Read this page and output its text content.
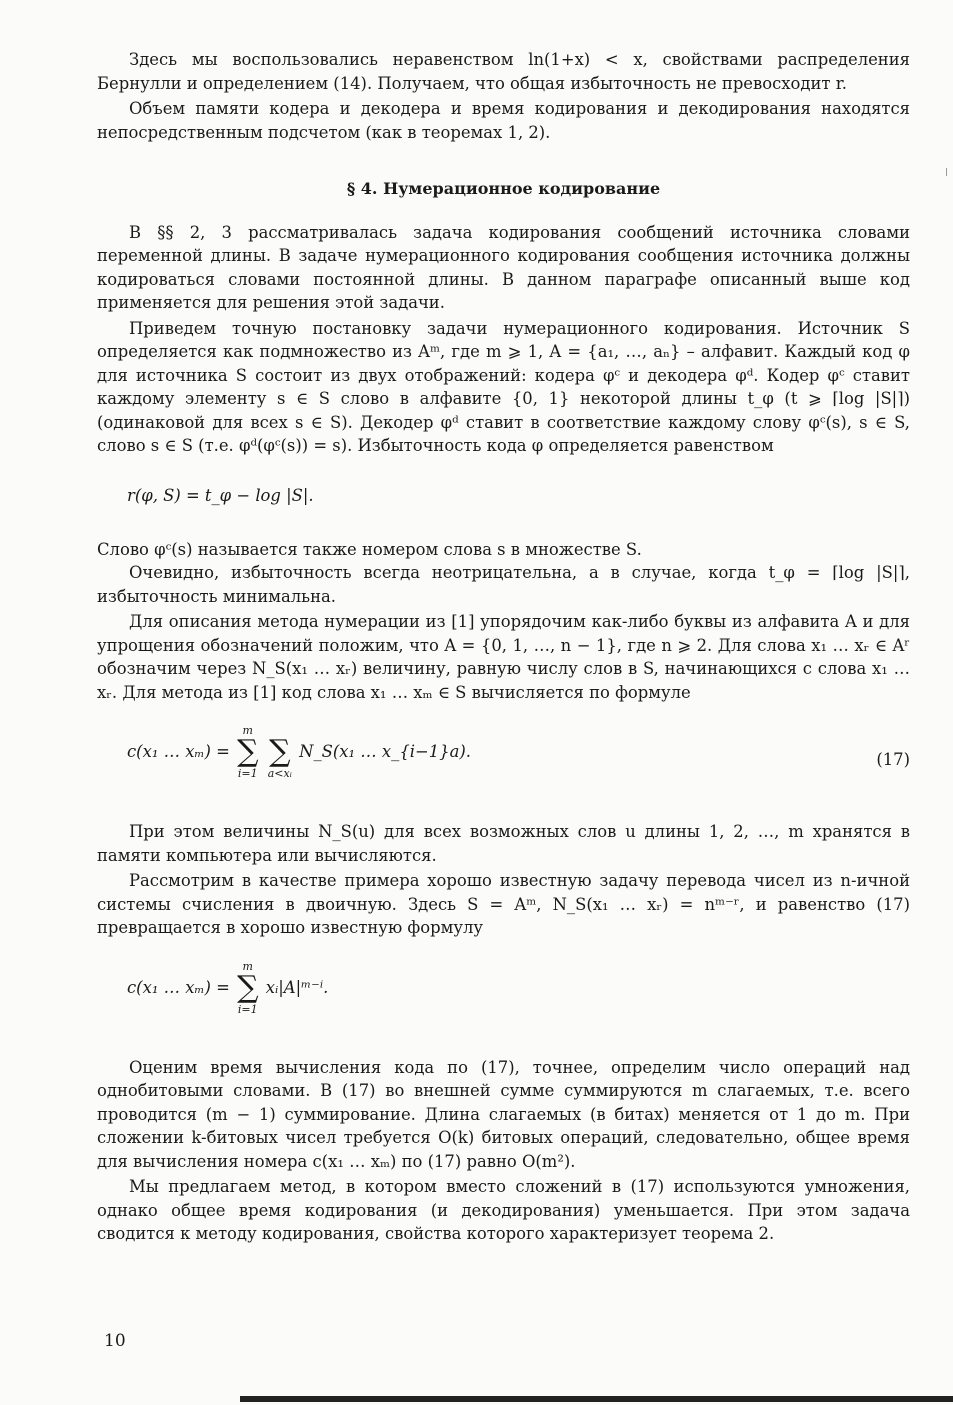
Здесь мы воспользовались неравенством ln(1+x) < x, свойствами распределения Бернулли и определением (14). Получаем, что общая избыточность не превосходит r.

Объем памяти кодера и декодера и время кодирования и декодирования находятся непосредственным подсчетом (как в теоремах 1, 2).

§ 4. Нумерационное кодирование

В §§ 2, 3 рассматривалась задача кодирования сообщений источника словами переменной длины. В задаче нумерационного кодирования сообщения источника должны кодироваться словами постоянной длины. В данном параграфе описанный выше код применяется для решения этой задачи.

Приведем точную постановку задачи нумерационного кодирования. Источник S определяется как подмножество из Aᵐ, где m ⩾ 1, A = {a₁, …, aₙ} – алфавит. Каждый код φ для источника S состоит из двух отображений: кодера φᶜ и декодера φᵈ. Кодер φᶜ ставит каждому элементу s ∈ S слово в алфавите {0, 1} некоторой длины t_φ (t ⩾ ⌈log |S|⌉) (одинаковой для всех s ∈ S). Декодер φᵈ ставит в соответствие каждому слову φᶜ(s), s ∈ S, слово s ∈ S (т.е. φᵈ(φᶜ(s)) = s). Избыточность кода φ определяется равенством

r(φ, S) = t_φ − log |S|.

Слово φᶜ(s) называется также номером слова s в множестве S.

Очевидно, избыточность всегда неотрицательна, а в случае, когда t_φ = ⌈log |S|⌉, избыточность минимальна.

Для описания метода нумерации из [1] упорядочим как-либо буквы из алфавита A и для упрощения обозначений положим, что A = {0, 1, …, n − 1}, где n ⩾ 2. Для слова x₁ … xᵣ ∈ Aʳ обозначим через N_S(x₁ … xᵣ) величину, равную числу слов в S, начинающихся с слова x₁ … xᵣ. Для метода из [1] код слова x₁ … xₘ ∈ S вычисляется по формуле

c(x₁ … xₘ) =
m
∑
i=1

∑
a<xᵢ
N_S(x₁ … x_{i−1}a).	(17)

При этом величины N_S(u) для всех возможных слов u длины 1, 2, …, m хранятся в памяти компьютера или вычисляются.

Рассмотрим в качестве примера хорошо известную задачу перевода чисел из n-ичной системы счисления в двоичную. Здесь S = Aᵐ, N_S(x₁ … xᵣ) = nᵐ⁻ʳ, и равенство (17) превращается в хорошо известную формулу

c(x₁ … xₘ) =
m
∑
i=1
xᵢ|A|ᵐ⁻ⁱ.

Оценим время вычисления кода по (17), точнее, определим число операций над однобитовыми словами. В (17) во внешней сумме суммируются m слагаемых, т.е. всего проводится (m − 1) суммирование. Длина слагаемых (в битах) меняется от 1 до m. При сложении k-битовых чисел требуется O(k) битовых операций, следовательно, общее время для вычисления номера c(x₁ … xₘ) по (17) равно O(m²).

Мы предлагаем метод, в котором вместо сложений в (17) используются умножения, однако общее время кодирования (и декодирования) уменьшается. При этом задача сводится к методу кодирования, свойства которого характеризует теорема 2.

10
